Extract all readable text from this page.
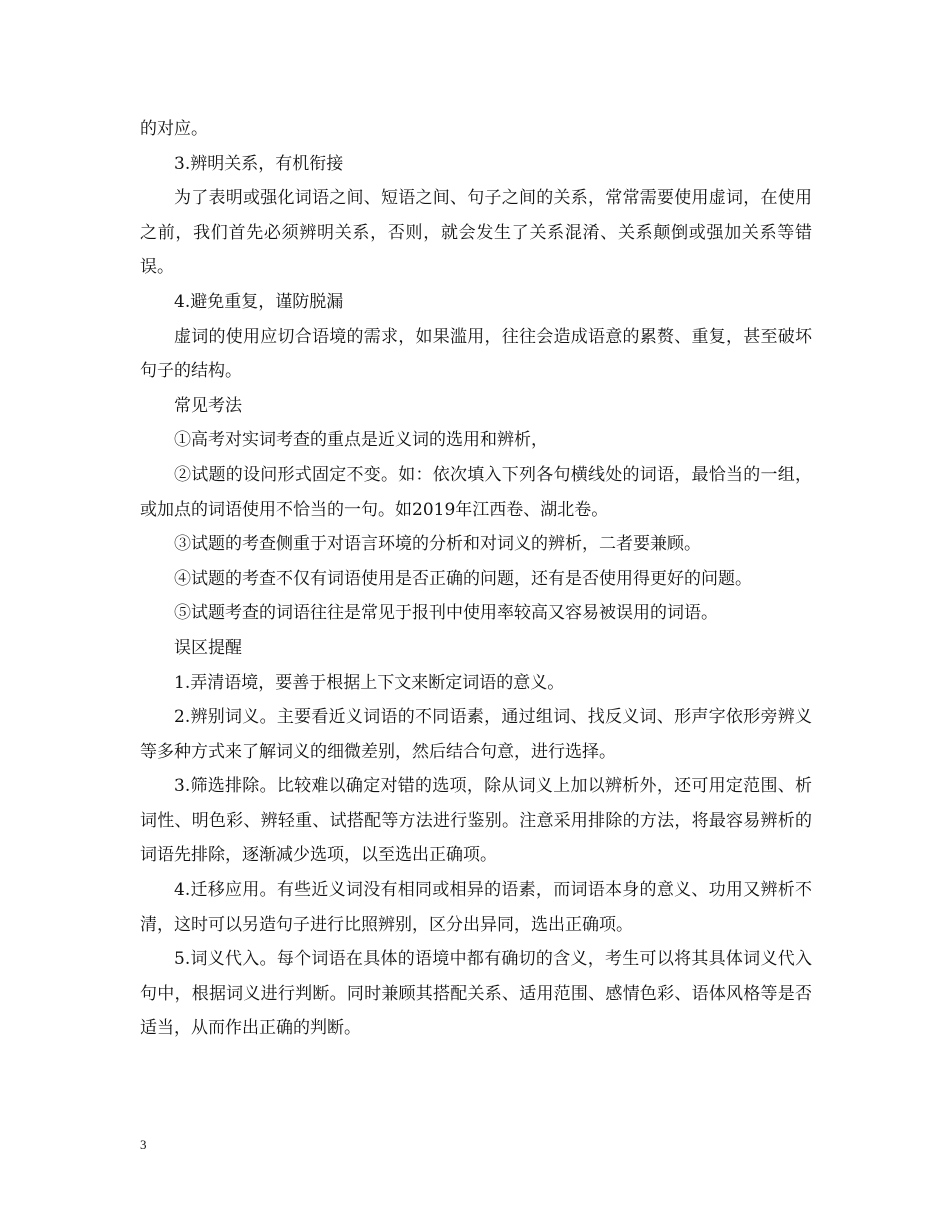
的对应。

3.辨明关系，有机衔接

为了表明或强化词语之间、短语之间、句子之间的关系，常常需要使用虚词，在使用之前，我们首先必须辨明关系，否则，就会发生了关系混淆、关系颠倒或强加关系等错误。

4.避免重复，谨防脱漏

虚词的使用应切合语境的需求，如果滥用，往往会造成语意的累赘、重复，甚至破坏句子的结构。

常见考法

①高考对实词考查的重点是近义词的选用和辨析，

②试题的设问形式固定不变。如：依次填入下列各句横线处的词语，最恰当的一组，或加点的词语使用不恰当的一句。如2019年江西卷、湖北卷。

③试题的考查侧重于对语言环境的分析和对词义的辨析，二者要兼顾。

④试题的考查不仅有词语使用是否正确的问题，还有是否使用得更好的问题。

⑤试题考查的词语往往是常见于报刊中使用率较高又容易被误用的词语。

误区提醒

1.弄清语境，要善于根据上下文来断定词语的意义。

2.辨别词义。主要看近义词语的不同语素，通过组词、找反义词、形声字依形旁辨义等多种方式来了解词义的细微差别，然后结合句意，进行选择。

3.筛选排除。比较难以确定对错的选项，除从词义上加以辨析外，还可用定范围、析词性、明色彩、辨轻重、试搭配等方法进行鉴别。注意采用排除的方法，将最容易辨析的词语先排除，逐渐减少选项，以至选出正确项。

4.迁移应用。有些近义词没有相同或相异的语素，而词语本身的意义、功用又辨析不清，这时可以另造句子进行比照辨别，区分出异同，选出正确项。

5.词义代入。每个词语在具体的语境中都有确切的含义，考生可以将其具体词义代入句中，根据词义进行判断。同时兼顾其搭配关系、适用范围、感情色彩、语体风格等是否适当，从而作出正确的判断。

3
